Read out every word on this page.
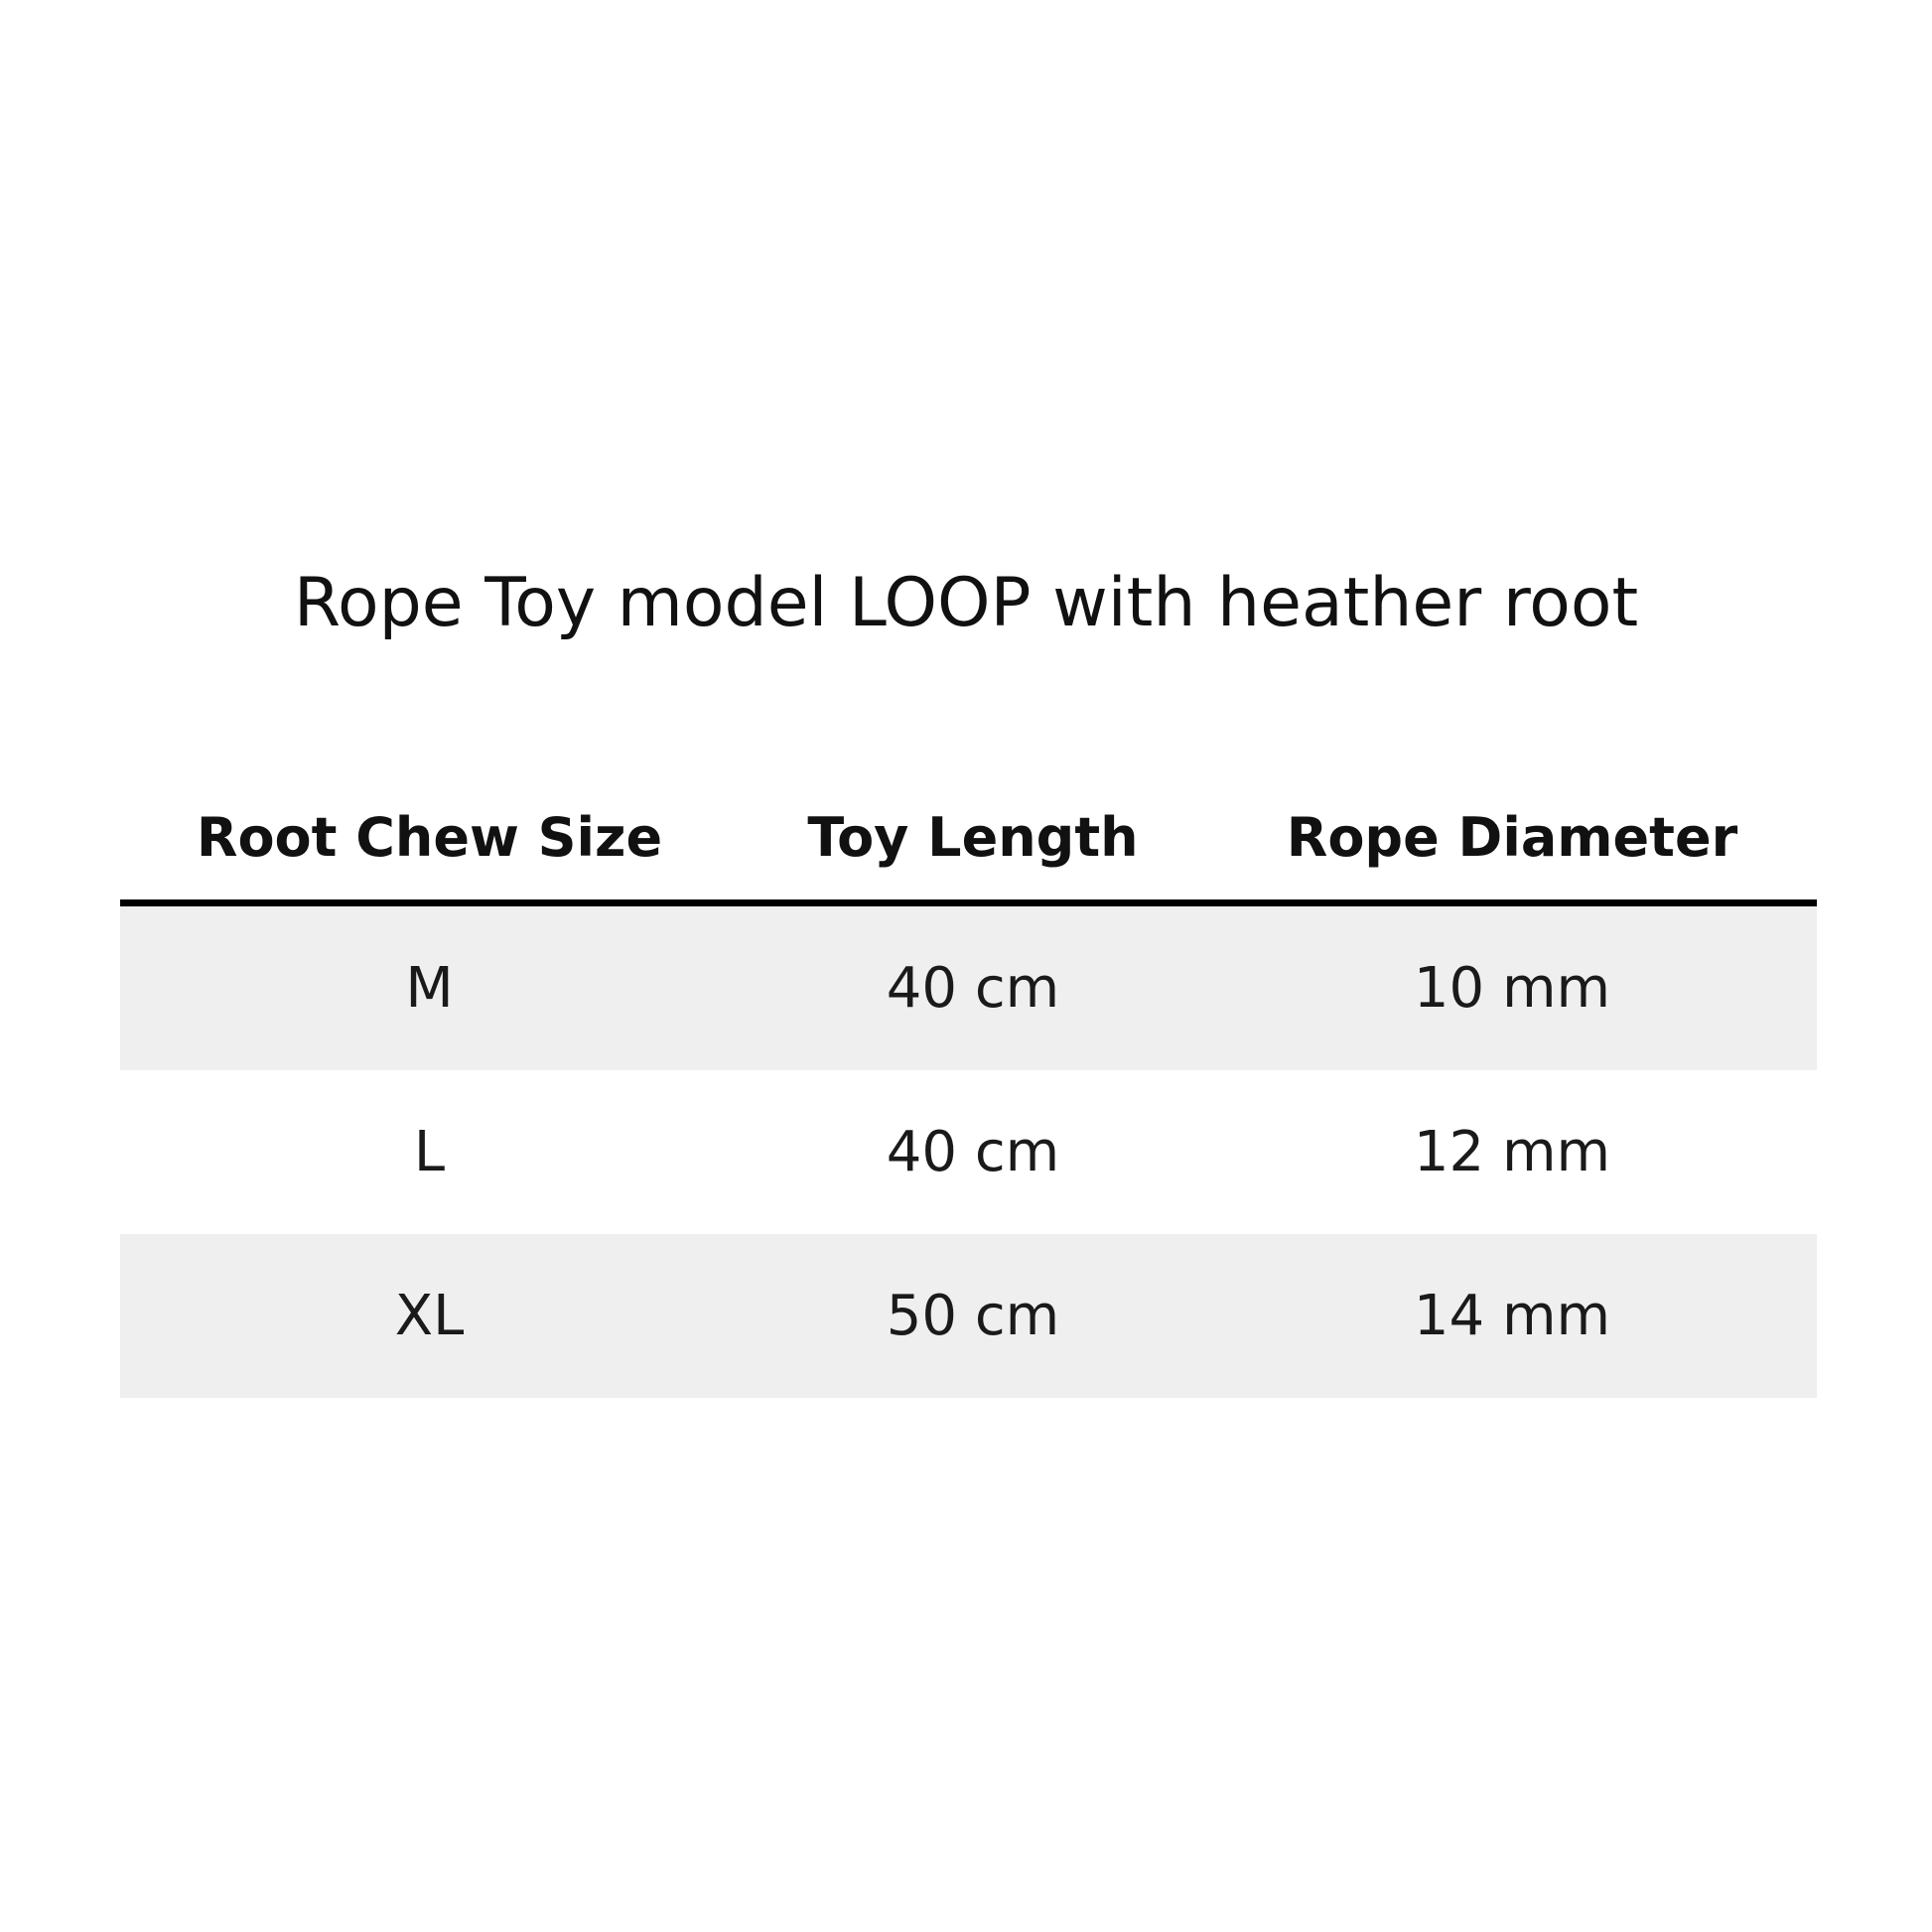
Rope Toy model LOOP with heather root
Root Chew Size	Toy Length	Rope Diameter
M	40 cm	10 mm
L	40 cm	12 mm
XL	50 cm	14 mm
